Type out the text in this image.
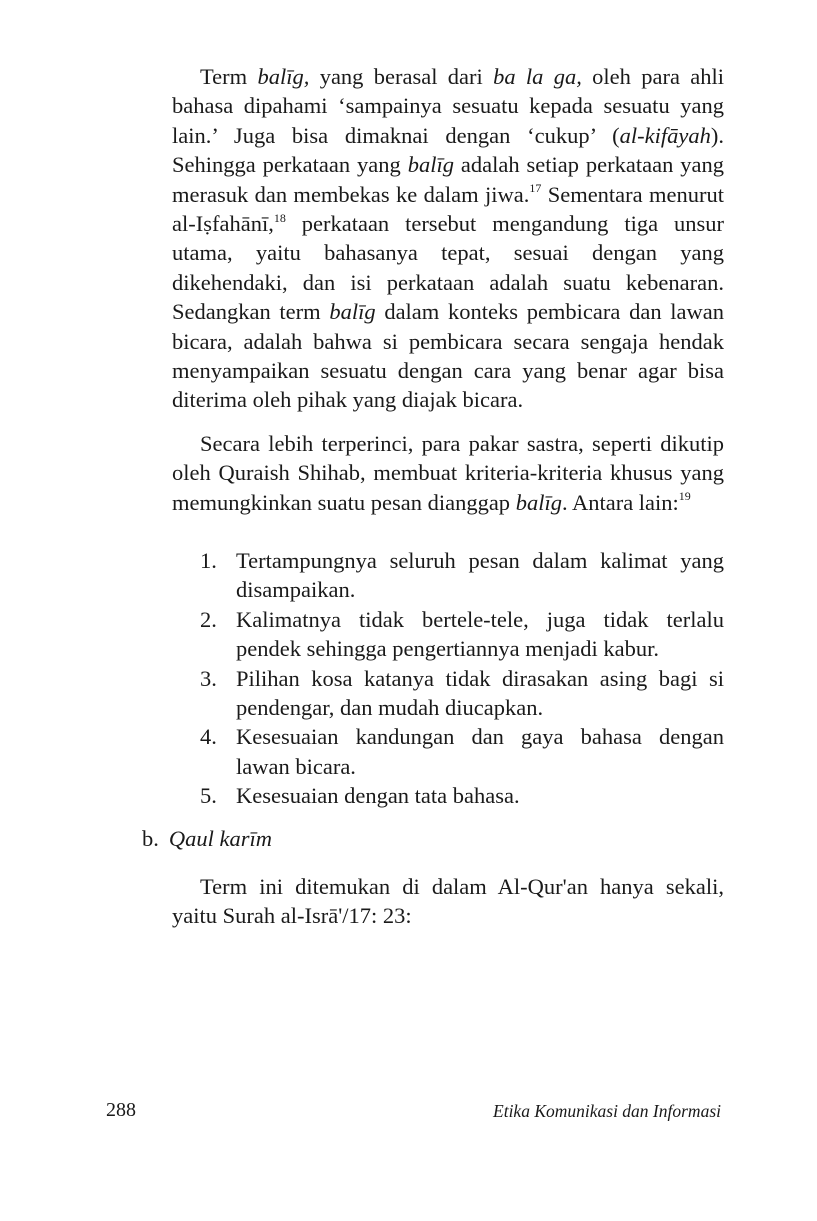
Term balīg, yang berasal dari ba la ga, oleh para ahli bahasa dipahami ‘sampainya sesuatu kepada sesuatu yang lain.’ Juga bisa dimaknai dengan ‘cukup’ (al-kifāyah). Sehingga perkataan yang balīg adalah setiap perkataan yang merasuk dan membekas ke dalam jiwa.$^{17}$ Sementara menurut al-Iṣfahānī,$^{18}$ perkataan tersebut mengandung tiga unsur utama, yaitu bahasanya tepat, sesuai dengan yang dikehendaki, dan isi perkataan adalah suatu kebenaran. Sedangkan term balīg dalam konteks pembicara dan lawan bicara, adalah bahwa si pembicara secara sengaja hendak menyampaikan sesuatu dengan cara yang benar agar bisa diterima oleh pihak yang diajak bicara.

Secara lebih terperinci, para pakar sastra, seperti dikutip oleh Quraish Shihab, membuat kriteria-kriteria khusus yang memungkinkan suatu pesan dianggap balīg. Antara lain:$^{19}$

1. Tertampungnya seluruh pesan dalam kalimat yang disampaikan.
2. Kalimatnya tidak bertele-tele, juga tidak terlalu pendek sehingga pengertiannya menjadi kabur.
3. Pilihan kosa katanya tidak dirasakan asing bagi si pendengar, dan mudah diucapkan.
4. Kesesuaian kandungan dan gaya bahasa dengan lawan bicara.
5. Kesesuaian dengan tata bahasa.
b. Qaul karīm

Term ini ditemukan di dalam Al-Qur'an hanya sekali, yaitu Surah al-Isrā'/17: 23:

288	Etika Komunikasi dan Informasi
